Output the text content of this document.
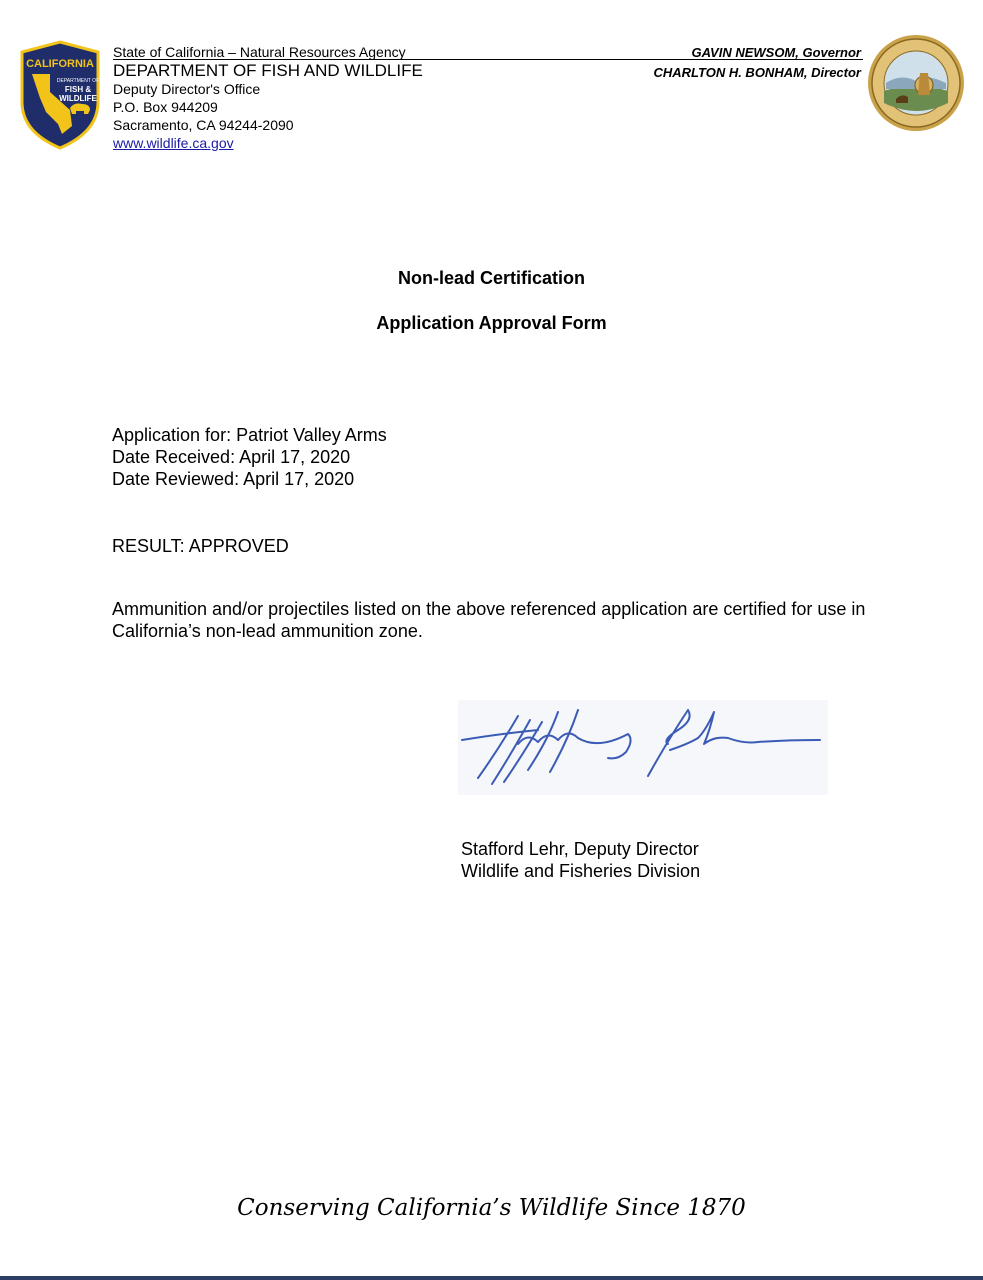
CALIFORNIA
DEPARTMENT OF
FISH &
WILDLIFE
State of California – Natural Resources Agency
DEPARTMENT OF FISH AND WILDLIFE
Deputy Director's Office
P.O. Box 944209
Sacramento, CA 94244-2090
www.wildlife.ca.gov
GAVIN NEWSOM, Governor
CHARLTON H. BONHAM, Director
Non-lead Certification
Application Approval Form
Application for: Patriot Valley Arms
Date Received: April 17, 2020
Date Reviewed: April 17, 2020
RESULT: APPROVED
Ammunition and/or projectiles listed on the above referenced application are certified for use in California’s non-lead ammunition zone.
Stafford Lehr, Deputy Director
Wildlife and Fisheries Division
Conserving California’s Wildlife Since 1870
